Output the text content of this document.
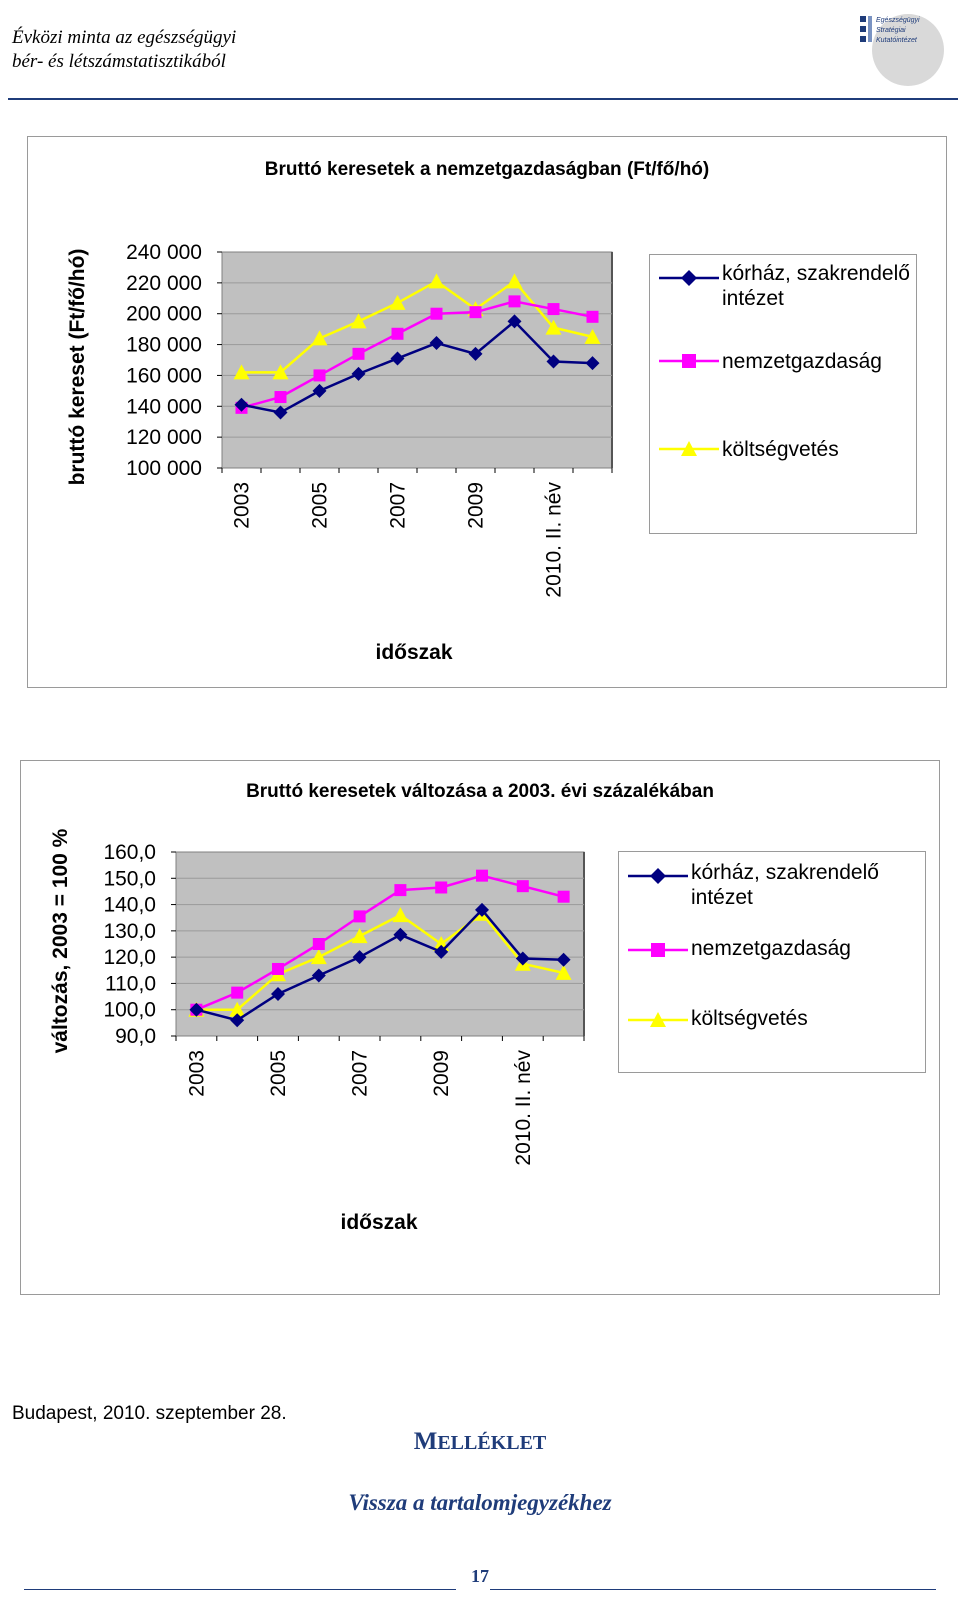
Évközi minta az egészségügyi
bér- és létszámstatisztikából
Egészségügyi
Stratégiai
Kutatóintézet
Bruttó keresetek a nemzetgazdaságban (Ft/fő/hó)
240 000
220 000
200 000
180 000
160 000
140 000
120 000
100 000
2003	2005	2007	2009	2010. II. név
időszak
bruttó kereset (Ft/fő/hó)	kórház, szakrendelő intézet
nemzetgazdaság
költségvetés
Bruttó keresetek változása a 2003. évi százalékában
160,0
150,0
140,0
130,0
120,0
110,0
100,0
90,0
2003	2005	2007	2009	2010. II. név
időszak
változás, 2003 = 100 %	kórház, szakrendelő intézet
nemzetgazdaság
költségvetés
Budapest, 2010. szeptember 28.
MELLÉKLET
Vissza a tartalomjegyzékhez
17
